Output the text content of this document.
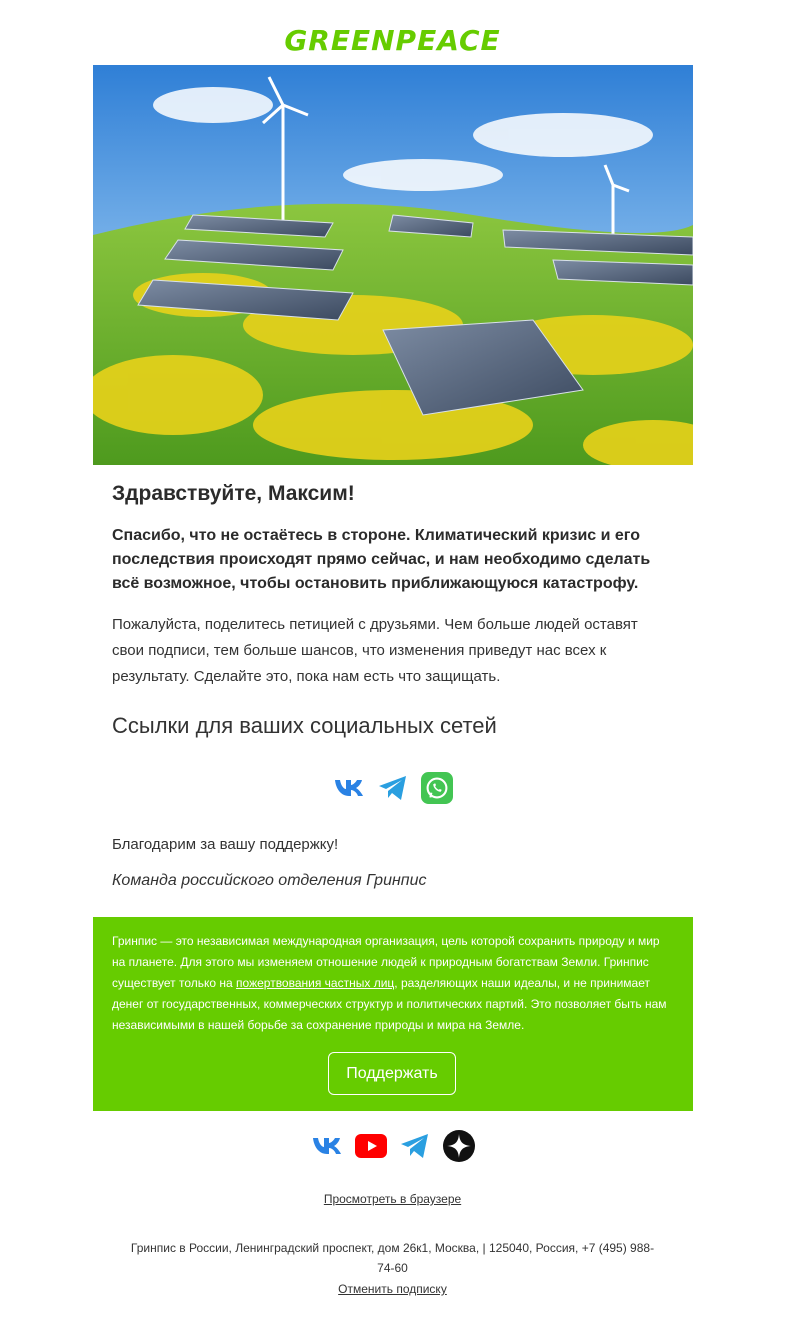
GREENPEACE
Здравствуйте, Максим!

Спасибо, что не остаётесь в стороне. Климатический кризис и его последствия происходят прямо сейчас, и нам необходимо сделать всё возможное, чтобы остановить приближающуюся катастрофу.

Пожалуйста, поделитесь петицией с друзьями. Чем больше людей оставят свои подписи, тем больше шансов, что изменения приведут нас всех к результату. Сделайте это, пока нам есть что защищать.

Ссылки для ваших социальных сетей

Благодарим за вашу поддержку!

Команда российского отделения Гринпис

Гринпис — это независимая международная организация, цель которой сохранить природу и мир на планете. Для этого мы изменяем отношение людей к природным богатствам Земли. Гринпис существует только на пожертвования частных лиц, разделяющих наши идеалы, и не принимает денег от государственных, коммерческих структур и политических партий. Это позволяет быть нам независимыми в нашей борьбе за сохранение природы и мира на Земле.

Поддержать
Просмотреть в браузере

Гринпис в России, Ленинградский проспект, дом 26к1, Москва, | 125040, Россия, +7 (495) 988-74-60

Отменить подписку
